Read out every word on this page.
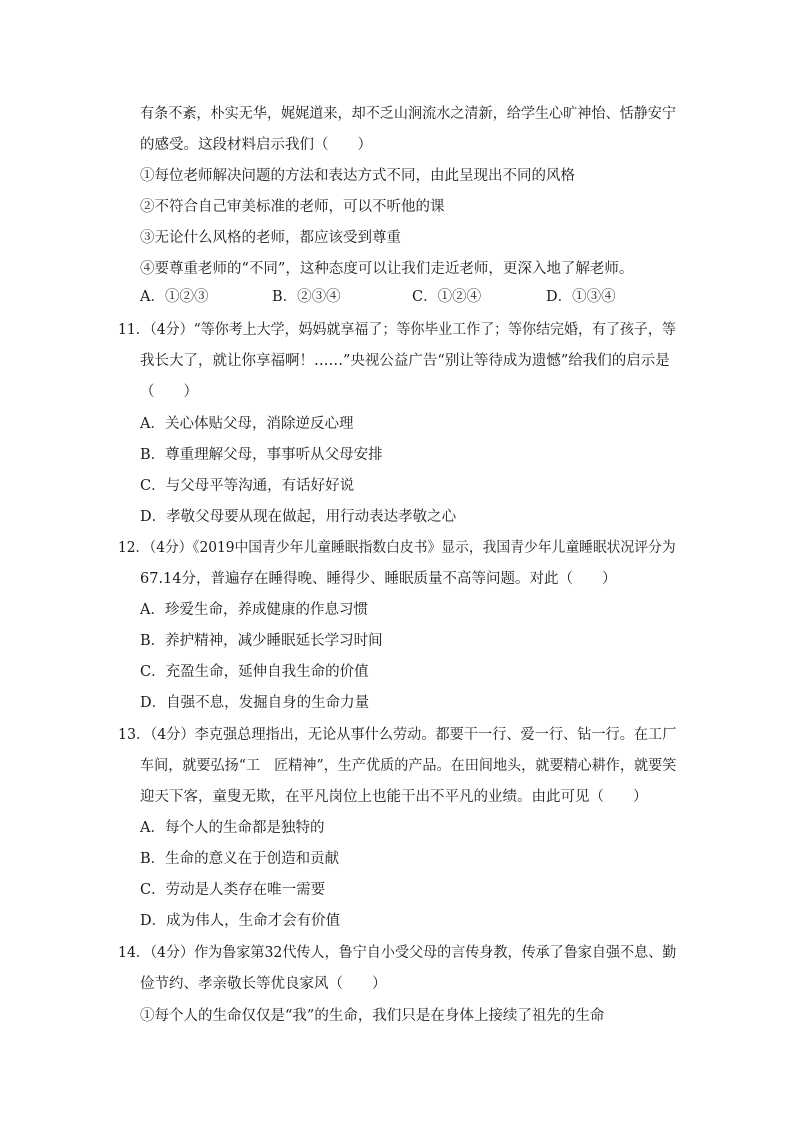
有条不紊，朴实无华，娓娓道来，却不乏山涧流水之清新，给学生心旷神怡、恬静安宁
的感受。这段材料启示我们（　　）
①每位老师解决问题的方法和表达方式不同，由此呈现出不同的风格
②不符合自己审美标准的老师，可以不听他的课
③无论什么风格的老师，都应该受到尊重
④要尊重老师的“不同”，这种态度可以让我们走近老师，更深入地了解老师。
A．①②③	B．②③④	C．①②④	D．①③④
11．（4分）“等你考上大学，妈妈就享福了；等你毕业工作了；等你结完婚，有了孩子，等
我长大了，就让你享福啊！……”央视公益广告“别让等待成为遗憾”给我们的启示是
（　　）
A．关心体贴父母，消除逆反心理
B．尊重理解父母，事事听从父母安排
C．与父母平等沟通，有话好好说
D．孝敬父母要从现在做起，用行动表达孝敬之心
12．（4分）《2019中国青少年儿童睡眠指数白皮书》显示，我国青少年儿童睡眠状况评分为
67.14分，普遍存在睡得晚、睡得少、睡眠质量不高等问题。对此（　　）
A．珍爱生命，养成健康的作息习惯
B．养护精神，减少睡眠延长学习时间
C．充盈生命，延伸自我生命的价值
D．自强不息，发掘自身的生命力量
13．（4分）李克强总理指出，无论从事什么劳动。都要干一行、爱一行、钻一行。在工厂
车间，就要弘扬“工　匠精神”，生产优质的产品。在田间地头，就要精心耕作，就要笑
迎天下客，童叟无欺，在平凡岗位上也能干出不平凡的业绩。由此可见（　　）
A．每个人的生命都是独特的
B．生命的意义在于创造和贡献
C．劳动是人类存在唯一需要
D．成为伟人，生命才会有价值
14．（4分）作为鲁家第32代传人，鲁宁自小受父母的言传身教，传承了鲁家自强不息、勤
俭节约、孝亲敬长等优良家风（　　）
①每个人的生命仅仅是“我”的生命，我们只是在身体上接续了祖先的生命
